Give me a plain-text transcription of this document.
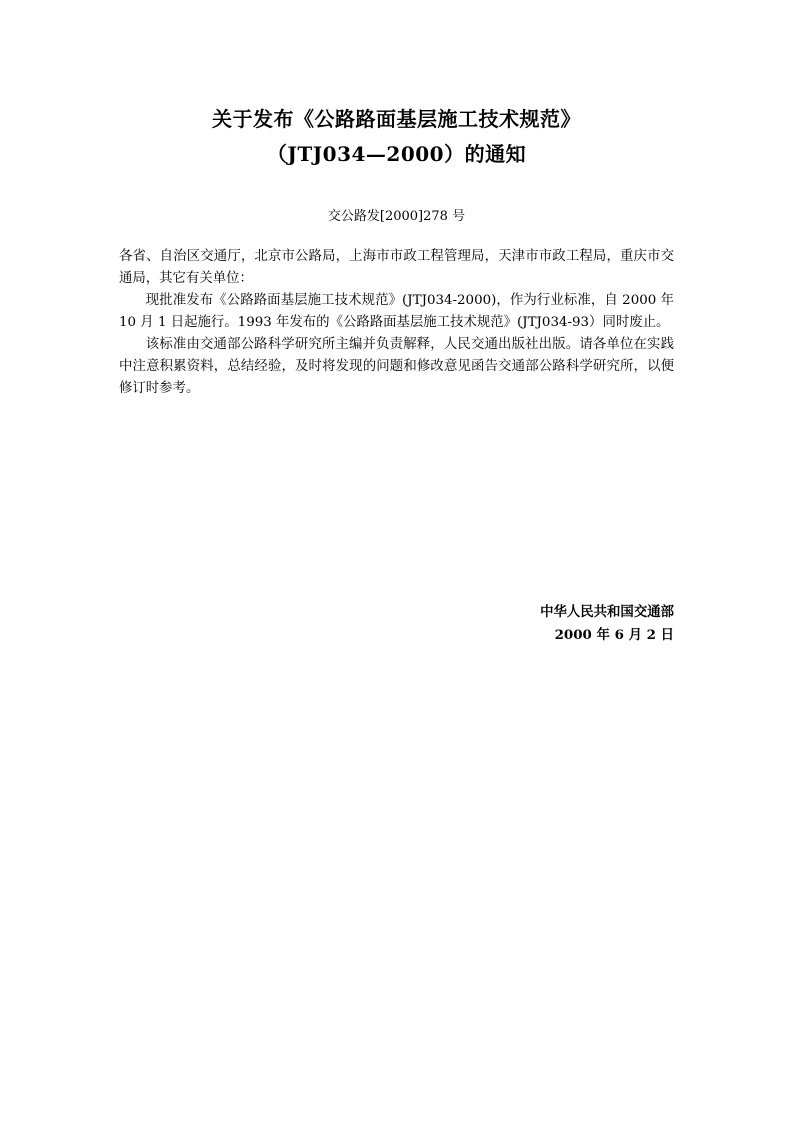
关于发布《公路路面基层施工技术规范》
（JTJ034—2000）的通知
交公路发[2000]278 号

各省、自治区交通厅，北京市公路局，上海市市政工程管理局，天津市市政工程局，重庆市交通局，其它有关单位：

现批准发布《公路路面基层施工技术规范》(JTJ034-2000)，作为行业标准，自 2000 年 10 月 1 日起施行。1993 年发布的《公路路面基层施工技术规范》(JTJ034-93）同时废止。

该标准由交通部公路科学研究所主编并负责解释，人民交通出版社出版。请各单位在实践中注意积累资料，总结经验，及时将发现的问题和修改意见函告交通部公路科学研究所，以便修订时参考。

中华人民共和国交通部
2000 年 6 月 2 日
